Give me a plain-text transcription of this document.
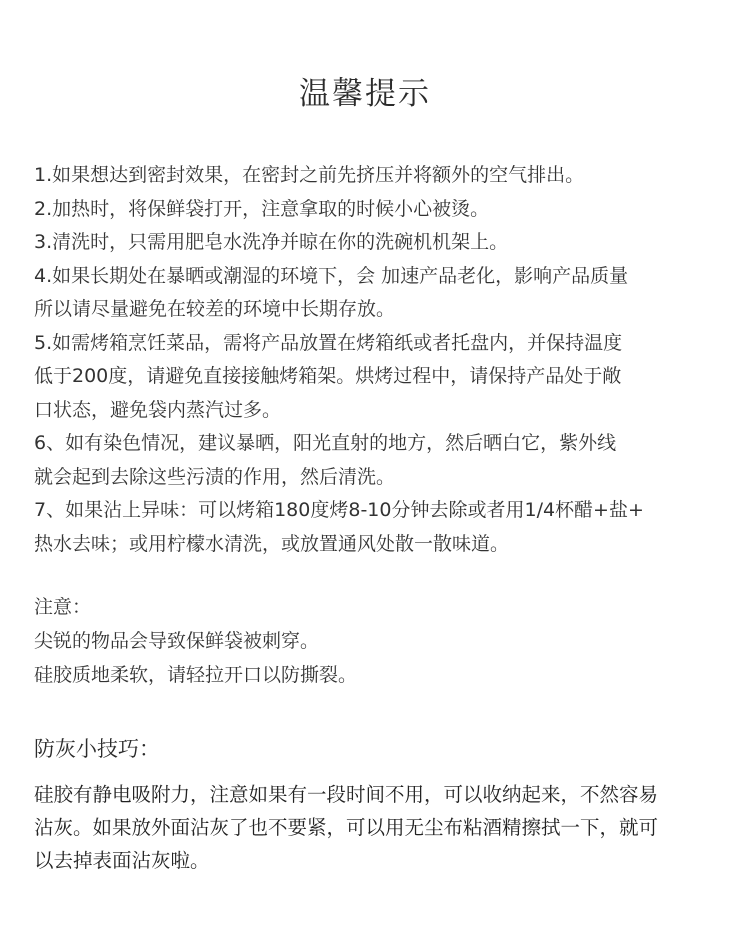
温馨提示
1.如果想达到密封效果，在密封之前先挤压并将额外的空气排出。
2.加热时，将保鲜袋打开，注意拿取的时候小心被烫。
3.清洗时，只需用肥皂水洗净并晾在你的洗碗机机架上。
4.如果长期处在暴晒或潮湿的环境下，会 加速产品老化，影响产品质量
所以请尽量避免在较差的环境中长期存放。
5.如需烤箱烹饪菜品，需将产品放置在烤箱纸或者托盘内，并保持温度
低于200度，请避免直接接触烤箱架。烘烤过程中，请保持产品处于敞
口状态，避免袋内蒸汽过多。
6、如有染色情况，建议暴晒，阳光直射的地方，然后晒白它，紫外线
就会起到去除这些污渍的作用，然后清洗。
7、如果沾上异味：可以烤箱180度烤8-10分钟去除或者用1/4杯醋+盐+
热水去味；或用柠檬水清洗，或放置通风处散一散味道。
注意：
尖锐的物品会导致保鲜袋被刺穿。
硅胶质地柔软，请轻拉开口以防撕裂。
防灰小技巧：
硅胶有静电吸附力，注意如果有一段时间不用，可以收纳起来，不然容易
沾灰。如果放外面沾灰了也不要紧，可以用无尘布粘酒精擦拭一下，就可
以去掉表面沾灰啦。
